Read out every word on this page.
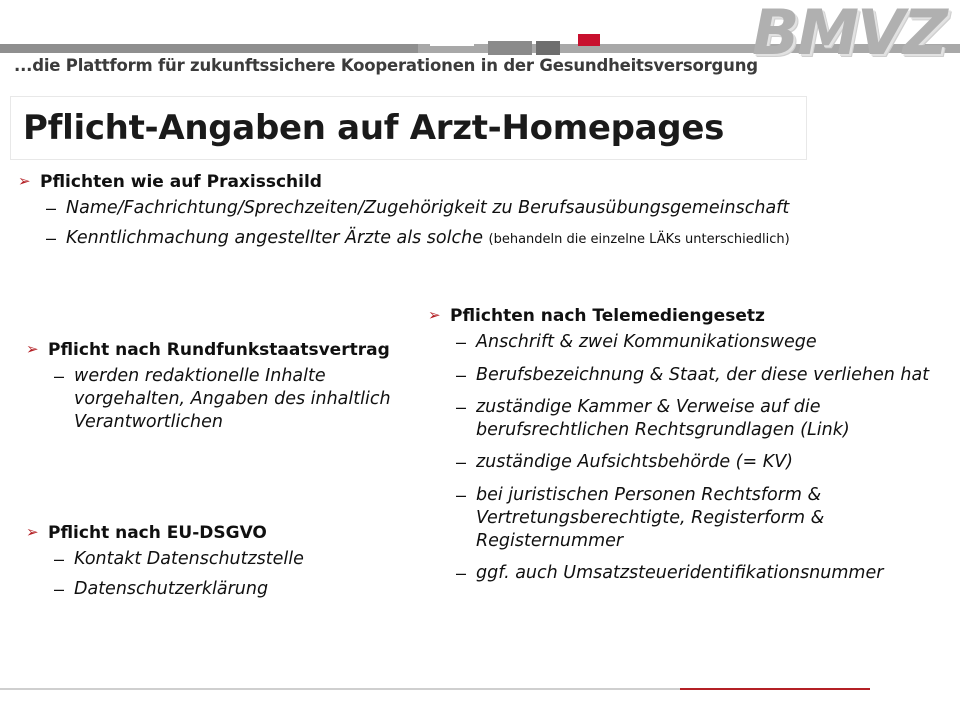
BMVZ
...die Plattform für zukunftssichere Kooperationen in der Gesundheitsversorgung
Pflicht-Angaben auf Arzt-Homepages
➢ Pflichten wie auf Praxisschild
– Name/Fachrichtung/Sprechzeiten/Zugehörigkeit zu Berufsausübungsgemeinschaft
– Kenntlichmachung angestellter Ärzte als solche (behandeln die einzelne LÄKs unterschiedlich)
➢ Pflicht nach Rundfunkstaatsvertrag
– werden redaktionelle Inhalte vorgehalten, Angaben des inhaltlich Verantwortlichen
➢ Pflicht nach EU-DSGVO
– Kontakt Datenschutzstelle
– Datenschutzerklärung
➢ Pflichten nach Telemediengesetz
– Anschrift & zwei Kommunikationswege
– Berufsbezeichnung & Staat, der diese verliehen hat
– zuständige Kammer & Verweise auf die berufsrechtlichen Rechtsgrundlagen (Link)
– zuständige Aufsichtsbehörde (= KV)
– bei juristischen Personen Rechtsform & Vertretungsberechtigte, Registerform & Registernummer
– ggf. auch Umsatzsteueridentifikationsnummer
